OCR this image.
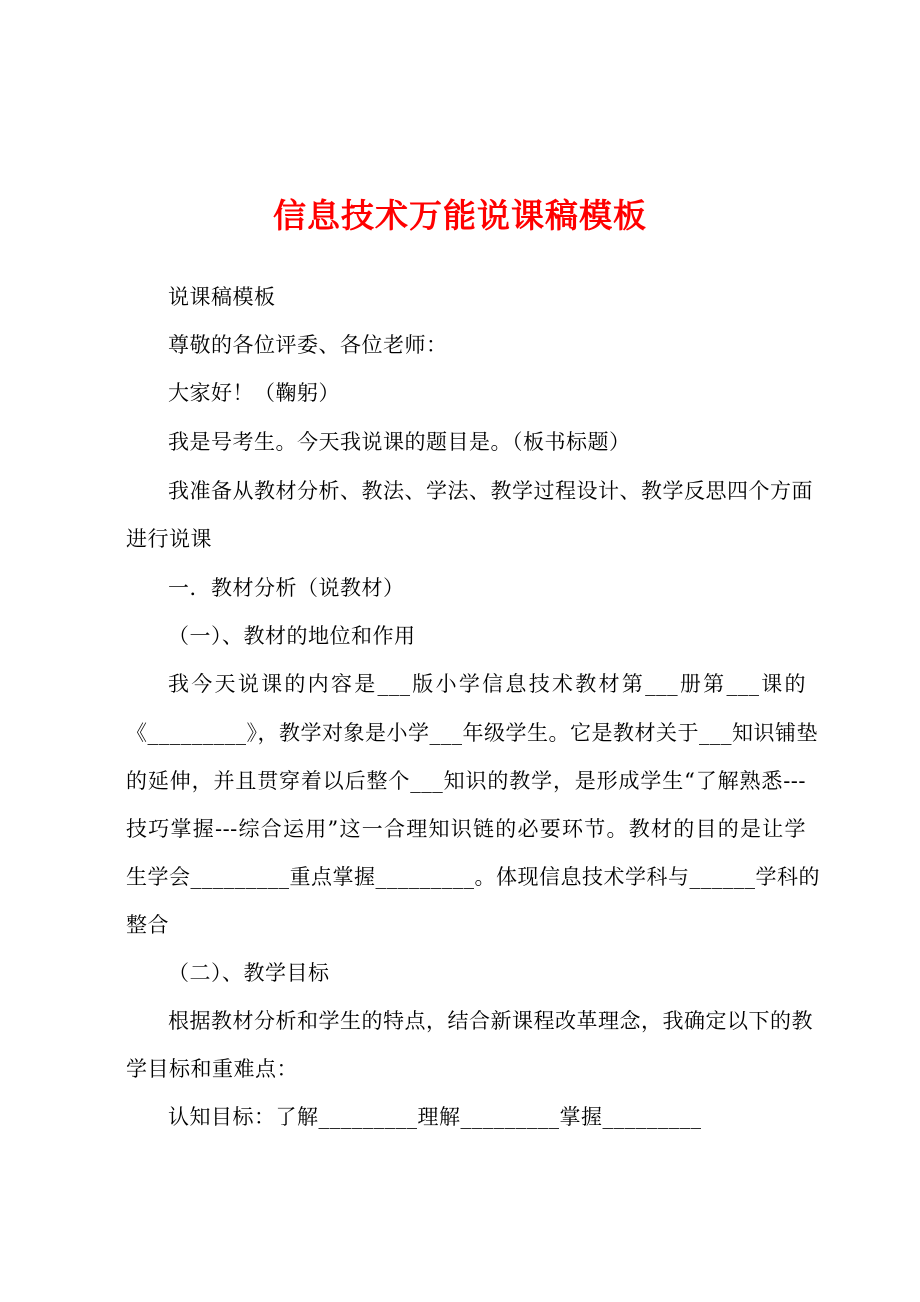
信息技术万能说课稿模板
说课稿模板
尊敬的各位评委、各位老师：
大家好！（鞠躬）
我是号考生。今天我说课的题目是。（板书标题）
我准备从教材分析、教法、学法、教学过程设计、教学反思四个方面
进行说课
一．教材分析（说教材）
（一）、教材的地位和作用
我今天说课的内容是___版小学信息技术教材第___册第___课的
《_________》，教学对象是小学___年级学生。它是教材关于___知识铺垫
的延伸，并且贯穿着以后整个___知识的教学，是形成学生“了解熟悉---
技巧掌握---综合运用”这一合理知识链的必要环节。教材的目的是让学
生学会_________重点掌握_________。体现信息技术学科与______学科的
整合
（二）、教学目标
根据教材分析和学生的特点，结合新课程改革理念，我确定以下的教
学目标和重难点：
认知目标：了解_________理解_________掌握_________
